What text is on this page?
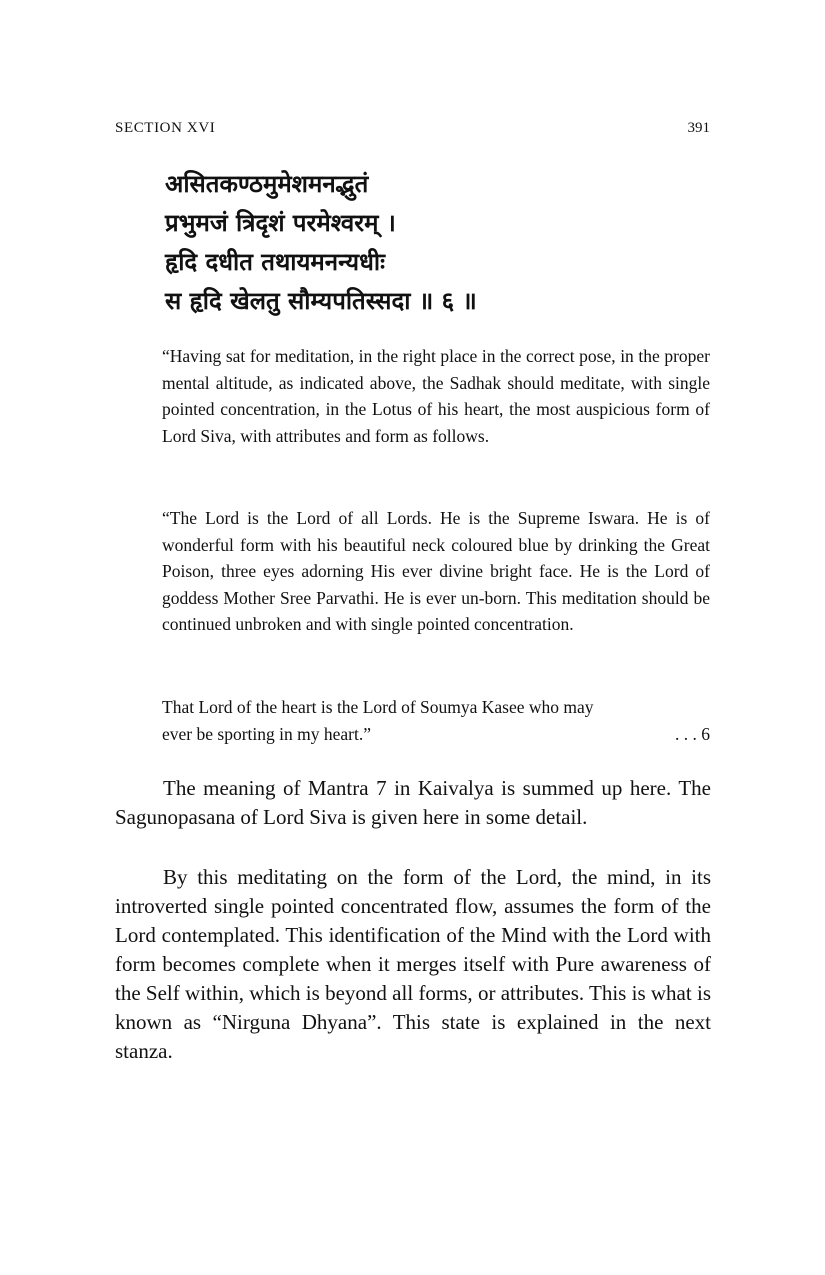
SECTION XVI	391
असितकण्ठमुमेशमनद्भुतं
प्रभुमजं त्रिदृशं परमेश्वरम् ।
हृदि दधीत तथायमनन्यधीः
स हृदि खेलतु सौम्यपतिस्सदा ॥ ६ ॥
“Having sat for meditation, in the right place in the correct pose, in the proper mental altitude, as indicated above, the Sadhak should meditate, with single pointed concentration, in the Lotus of his heart, the most auspicious form of Lord Siva, with attributes and form as follows.
“The Lord is the Lord of all Lords. He is the Supreme Iswara. He is of wonderful form with his beautiful neck coloured blue by drinking the Great Poison, three eyes adorning His ever divine bright face. He is the Lord of goddess Mother Sree Parvathi. He is ever un-born. This meditation should be continued unbroken and with single pointed concentration.
That Lord of the heart is the Lord of Soumya Kasee who may
ever be sporting in my heart.”	. . . 6
The meaning of Mantra 7 in Kaivalya is summed up here. The Sagunopasana of Lord Siva is given here in some detail.
By this meditating on the form of the Lord, the mind, in its introverted single pointed concentrated flow, assumes the form of the Lord contemplated. This identification of the Mind with the Lord with form becomes complete when it merges itself with Pure awareness of the Self within, which is beyond all forms, or attributes. This is what is known as “Nirguna Dhyana”. This state is explained in the next stanza.
